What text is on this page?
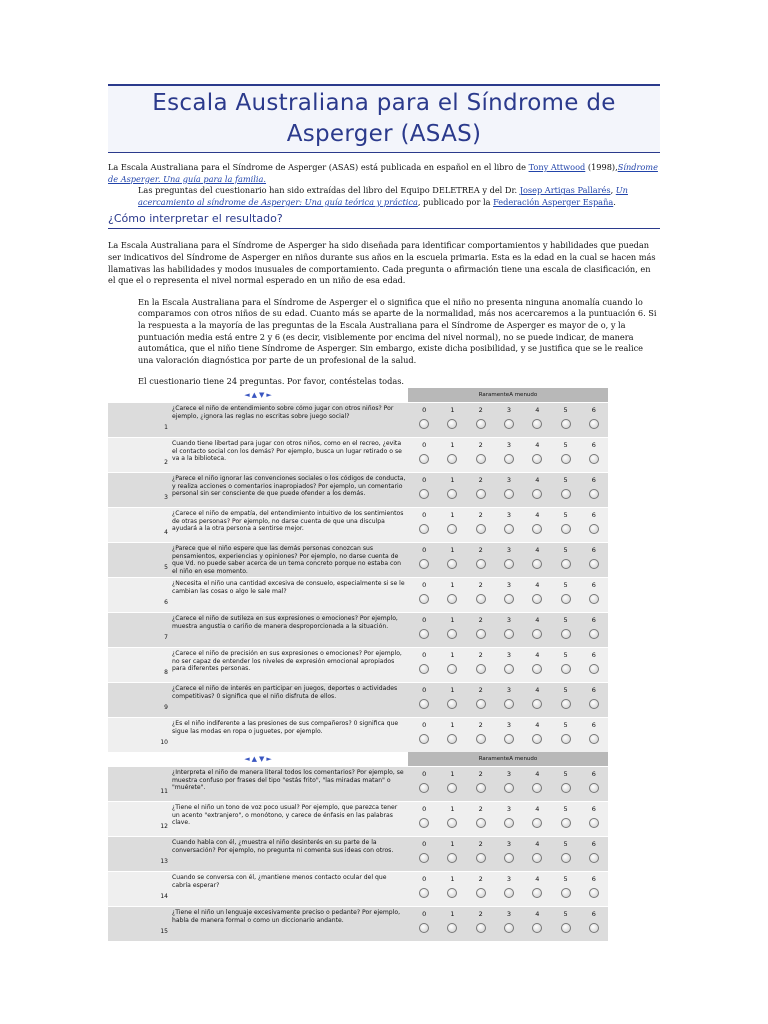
Escala Australiana para el Síndrome de Asperger (ASAS)

La Escala Australiana para el Síndrome de Asperger (ASAS) está publicada en español en el libro de Tony Attwood (1998),Síndrome de Asperger. Una guía para la familia.

Las preguntas del cuestionario han sido extraídas del libro del Equipo DELETREA y del Dr. Josep Artigas Pallarés, Un acercamiento al síndrome de Asperger: Una guía teórica y práctica, publicado por la Federación Asperger España.

¿Cómo interpretar el resultado?

La Escala Australiana para el Síndrome de Asperger ha sido diseñada para identificar comportamientos y habilidades que puedan ser indicativos del Síndrome de Asperger en niños durante sus años en la escuela primaria. Esta es la edad en la cual se hacen más llamativas las habilidades y modos inusuales de comportamiento. Cada pregunta o afirmación tiene una escala de clasificación, en el que el o representa el nivel normal esperado en un niño de esa edad.

En la Escala Australiana para el Síndrome de Asperger el o significa que el niño no presenta ninguna anomalía cuando lo comparamos con otros niños de su edad. Cuanto más se aparte de la normalidad, más nos acercaremos a la puntuación 6. Si la respuesta a la mayoría de las preguntas de la Escala Australiana para el Síndrome de Asperger es mayor de o, y la puntuación media está entre 2 y 6 (es decir, visiblemente por encima del nivel normal), no se puede indicar, de manera automática, que el niño tiene Síndrome de Asperger. Sin embargo, existe dicha posibilidad, y se justifica que se le realice una valoración diagnóstica por parte de un profesional de la salud.

El cuestionario tiene 24 preguntas. Por favor, contéstelas todas.

◄ ▲ ▼ ►	RaramenteA menudo
1
¿Carece el niño de entendimiento sobre cómo jugar con otros niños? Por ejemplo, ¿ignora las reglas no escritas sobre juego social?
0	1	2	3	4	5	6
2
Cuando tiene libertad para jugar con otros niños, como en el recreo, ¿evita el contacto social con los demás? Por ejemplo, busca un lugar retirado o se va a la biblioteca.
0	1	2	3	4	5	6
3
¿Parece el niño ignorar las convenciones sociales o los códigos de conducta, y realiza acciones o comentarios inapropiados? Por ejemplo, un comentario personal sin ser consciente de que puede ofender a los demás.
0	1	2	3	4	5	6
4
¿Carece el niño de empatía, del entendimiento intuitivo de los sentimientos de otras personas? Por ejemplo, no darse cuenta de que una disculpa ayudará a la otra persona a sentirse mejor.
0	1	2	3	4	5	6
5
¿Parece que el niño espere que las demás personas conozcan sus pensamientos, experiencias y opiniones? Por ejemplo, no darse cuenta de que Vd. no puede saber acerca de un tema concreto porque no estaba con el niño en ese momento.
0	1	2	3	4	5	6
6
¿Necesita el niño una cantidad excesiva de consuelo, especialmente si se le cambian las cosas o algo le sale mal?
0	1	2	3	4	5	6
7
¿Carece el niño de sutileza en sus expresiones o emociones? Por ejemplo, muestra angustia o cariño de manera desproporcionada a la situación.
0	1	2	3	4	5	6
8
¿Carece el niño de precisión en sus expresiones o emociones? Por ejemplo, no ser capaz de entender los niveles de expresión emocional apropiados para diferentes personas.
0	1	2	3	4	5	6
9
¿Carece el niño de interés en participar en juegos, deportes o actividades competitivas? 0 significa que el niño disfruta de ellos.
0	1	2	3	4	5	6
10
¿Es el niño indiferente a las presiones de sus compañeros? 0 significa que sigue las modas en ropa o juguetes, por ejemplo.
0	1	2	3	4	5	6
◄ ▲ ▼ ►	RaramenteA menudo
11
¿Interpreta el niño de manera literal todos los comentarios? Por ejemplo, se muestra confuso por frases del tipo "estás frito", "las miradas matan" o "muérete".
0	1	2	3	4	5	6
12
¿Tiene el niño un tono de voz poco usual? Por ejemplo, que parezca tener un acento "extranjero", o monótono, y carece de énfasis en las palabras clave.
0	1	2	3	4	5	6
13
Cuando habla con él, ¿muestra el niño desinterés en su parte de la conversación? Por ejemplo, no pregunta ni comenta sus ideas con otros.
0	1	2	3	4	5	6
14
Cuando se conversa con él, ¿mantiene menos contacto ocular del que cabría esperar?
0	1	2	3	4	5	6
15
¿Tiene el niño un lenguaje excesivamente preciso o pedante? Por ejemplo, habla de manera formal o como un diccionario andante.
0	1	2	3	4	5	6
